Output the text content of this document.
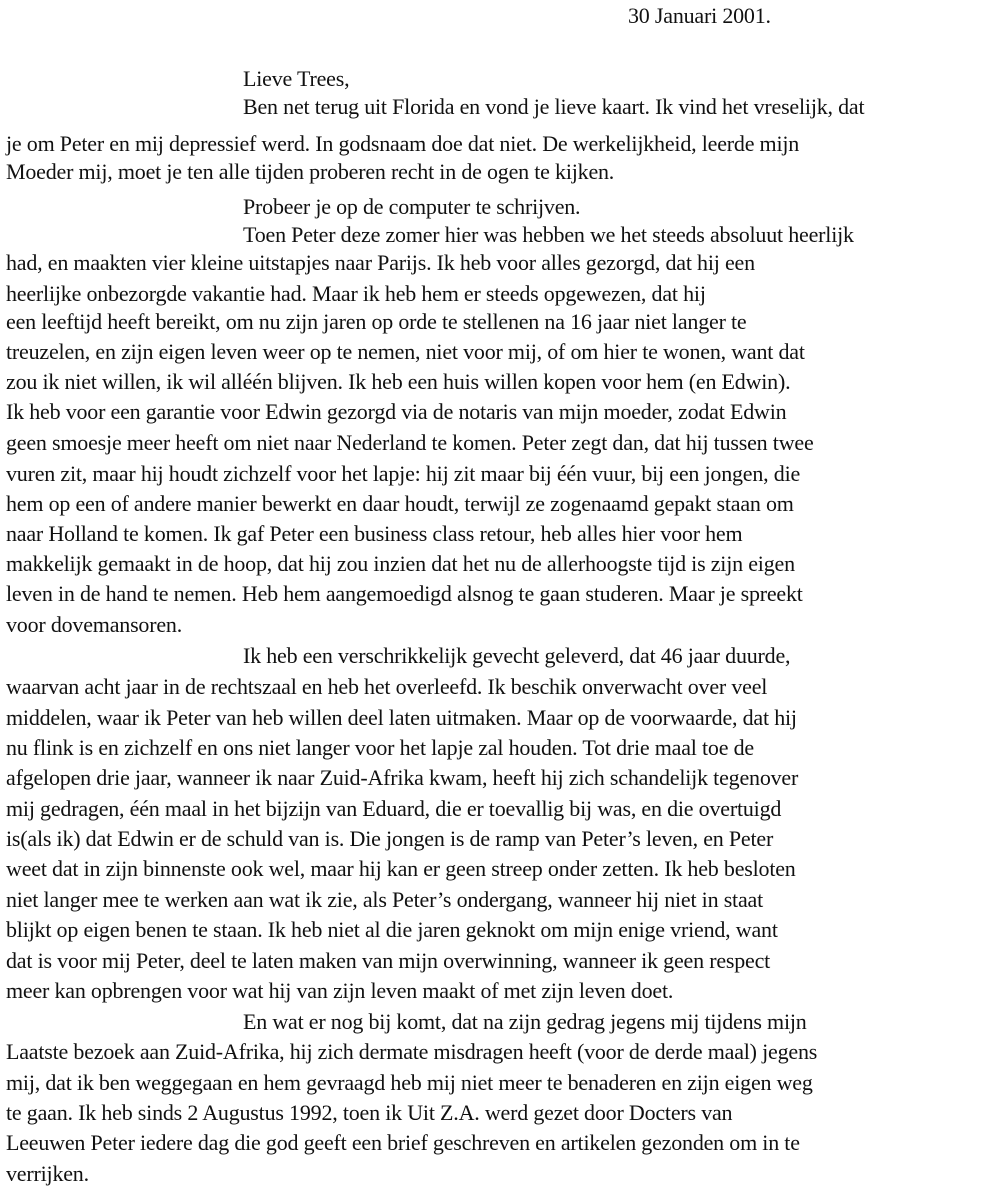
30 Januari 2001.
Lieve Trees,
Ben net terug uit Florida en vond je lieve kaart. Ik vind het vreselijk, dat
je om Peter en mij depressief werd. In godsnaam doe dat niet. De werkelijkheid, leerde mijn
Moeder mij, moet je ten alle tijden proberen recht in de ogen te kijken.
Probeer je op de computer te schrijven.
Toen Peter deze zomer hier was hebben we het steeds absoluut heerlijk
had, en maakten vier kleine uitstapjes naar Parijs. Ik heb voor alles gezorgd, dat hij een
heerlijke onbezorgde vakantie had. Maar ik heb hem er steeds opgewezen, dat hij
een leeftijd heeft bereikt, om nu zijn jaren op orde te stellenen na 16 jaar niet langer te
treuzelen, en zijn eigen leven weer op te nemen, niet voor mij, of om hier te wonen, want dat
zou ik niet willen, ik wil alléén blijven. Ik heb een huis willen kopen voor hem (en Edwin).
Ik heb voor een garantie voor Edwin gezorgd via de notaris van mijn moeder, zodat Edwin
geen smoesje meer heeft om niet naar Nederland te komen. Peter zegt dan, dat hij tussen twee
vuren zit, maar hij houdt zichzelf voor het lapje: hij zit maar bij één vuur, bij een jongen, die
hem op een of andere manier bewerkt en daar houdt, terwijl ze zogenaamd gepakt staan om
naar Holland te komen. Ik gaf Peter een business class retour, heb alles hier voor hem
makkelijk gemaakt in de hoop, dat hij zou inzien dat het nu de allerhoogste tijd is zijn eigen
leven in de hand te nemen. Heb hem aangemoedigd alsnog te gaan studeren. Maar je spreekt
voor dovemansoren.
Ik heb een verschrikkelijk gevecht geleverd, dat 46 jaar duurde,
waarvan acht jaar in de rechtszaal en heb het overleefd. Ik beschik onverwacht over veel
middelen, waar ik Peter van heb willen deel laten uitmaken. Maar op de voorwaarde, dat hij
nu flink is en zichzelf en ons niet langer voor het lapje zal houden. Tot drie maal toe de
afgelopen drie jaar, wanneer ik naar Zuid-Afrika kwam, heeft hij zich schandelijk tegenover
mij gedragen, één maal in het bijzijn van Eduard, die er toevallig bij was, en die overtuigd
is(als ik) dat Edwin er de schuld van is. Die jongen is de ramp van Peter’s leven, en Peter
weet dat in zijn binnenste ook wel, maar hij kan er geen streep onder zetten. Ik heb besloten
niet langer mee te werken aan wat ik zie, als Peter’s ondergang, wanneer hij niet in staat
blijkt op eigen benen te staan. Ik heb niet al die jaren geknokt om mijn enige vriend, want
dat is voor mij Peter, deel te laten maken van mijn overwinning, wanneer ik geen respect
meer kan opbrengen voor wat hij van zijn leven maakt of met zijn leven doet.
En wat er nog bij komt, dat na zijn gedrag jegens mij tijdens mijn
Laatste bezoek aan Zuid-Afrika, hij zich dermate misdragen heeft (voor de derde maal) jegens
mij, dat ik ben weggegaan en hem gevraagd heb mij niet meer te benaderen en zijn eigen weg
te gaan. Ik heb sinds 2 Augustus 1992, toen ik Uit Z.A. werd gezet door Docters van
Leeuwen Peter iedere dag die god geeft een brief geschreven en artikelen gezonden om in te
verrijken.
